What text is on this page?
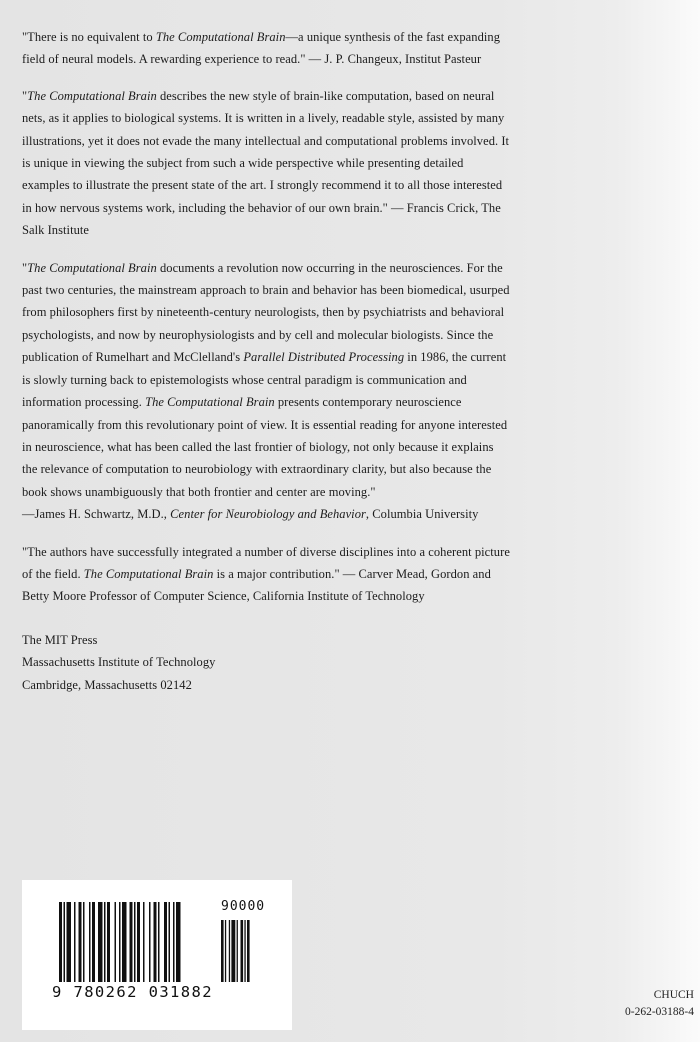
"There is no equivalent to The Computational Brain—a unique synthesis of the fast expanding field of neural models. A rewarding experience to read." — J. P. Changeux, Institut Pasteur

"The Computational Brain describes the new style of brain-like computation, based on neural nets, as it applies to biological systems. It is written in a lively, readable style, assisted by many illustrations, yet it does not evade the many intellectual and computational problems involved. It is unique in viewing the subject from such a wide perspective while presenting detailed examples to illustrate the present state of the art. I strongly recommend it to all those interested in how nervous systems work, including the behavior of our own brain." — Francis Crick, The Salk Institute

"The Computational Brain documents a revolution now occurring in the neurosciences. For the past two centuries, the mainstream approach to brain and behavior has been biomedical, usurped from philosophers first by nineteenth-century neurologists, then by psychiatrists and behavioral psychologists, and now by neurophysiologists and by cell and molecular biologists. Since the publication of Rumelhart and McClelland's Parallel Distributed Processing in 1986, the current is slowly turning back to epistemologists whose central paradigm is communication and information processing. The Computational Brain presents contemporary neuroscience panoramically from this revolutionary point of view. It is essential reading for anyone interested in neuroscience, what has been called the last frontier of biology, not only because it explains the relevance of computation to neurobiology with extraordinary clarity, but also because the book shows unambiguously that both frontier and center are moving."
—James H. Schwartz, M.D., Center for Neurobiology and Behavior, Columbia University

"The authors have successfully integrated a number of diverse disciplines into a coherent picture of the field. The Computational Brain is a major contribution." — Carver Mead, Gordon and Betty Moore Professor of Computer Science, California Institute of Technology

The MIT Press

Massachusetts Institute of Technology

Cambridge, Massachusetts 02142

90000
9 780262 031882	CHUCH

0-262-03188-4
